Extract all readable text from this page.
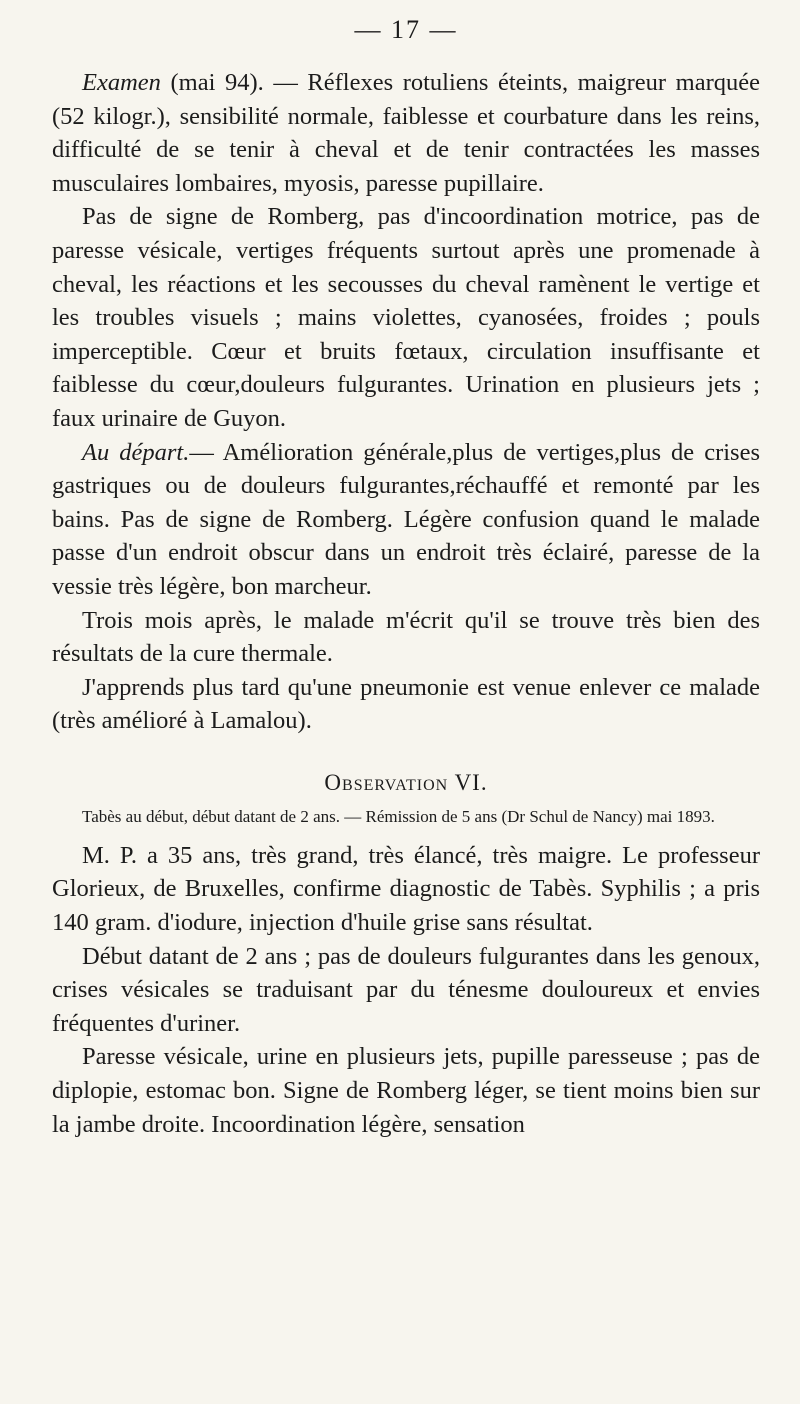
— 17 —

Examen (mai 94). — Réflexes rotuliens éteints, maigreur marquée (52 kilogr.), sensibilité normale, faiblesse et courbature dans les reins, difficulté de se tenir à cheval et de tenir contractées les masses musculaires lombaires, myosis, paresse pupillaire.

Pas de signe de Romberg, pas d'incoordination motrice, pas de paresse vésicale, vertiges fréquents surtout après une promenade à cheval, les réactions et les secousses du cheval ramènent le vertige et les troubles visuels ; mains violettes, cyanosées, froides ; pouls imperceptible. Cœur et bruits fœtaux, circulation insuffisante et faiblesse du cœur,douleurs fulgurantes. Urination en plusieurs jets ; faux urinaire de Guyon.

Au départ.— Amélioration générale,plus de vertiges,plus de crises gastriques ou de douleurs fulgurantes,réchauffé et remonté par les bains. Pas de signe de Romberg. Légère confusion quand le malade passe d'un endroit obscur dans un endroit très éclairé, paresse de la vessie très légère, bon marcheur.

Trois mois après, le malade m'écrit qu'il se trouve très bien des résultats de la cure thermale.

J'apprends plus tard qu'une pneumonie est venue enlever ce malade (très amélioré à Lamalou).

Observation VI.

Tabès au début, début datant de 2 ans. — Rémission de 5 ans (Dr Schul de Nancy) mai 1893.

M. P. a 35 ans, très grand, très élancé, très maigre. Le professeur Glorieux, de Bruxelles, confirme diagnostic de Tabès. Syphilis ; a pris 140 gram. d'iodure, injection d'huile grise sans résultat.

Début datant de 2 ans ; pas de douleurs fulgurantes dans les genoux, crises vésicales se traduisant par du ténesme douloureux et envies fréquentes d'uriner.

Paresse vésicale, urine en plusieurs jets, pupille paresseuse ; pas de diplopie, estomac bon. Signe de Romberg léger, se tient moins bien sur la jambe droite. Incoordination légère, sensation
